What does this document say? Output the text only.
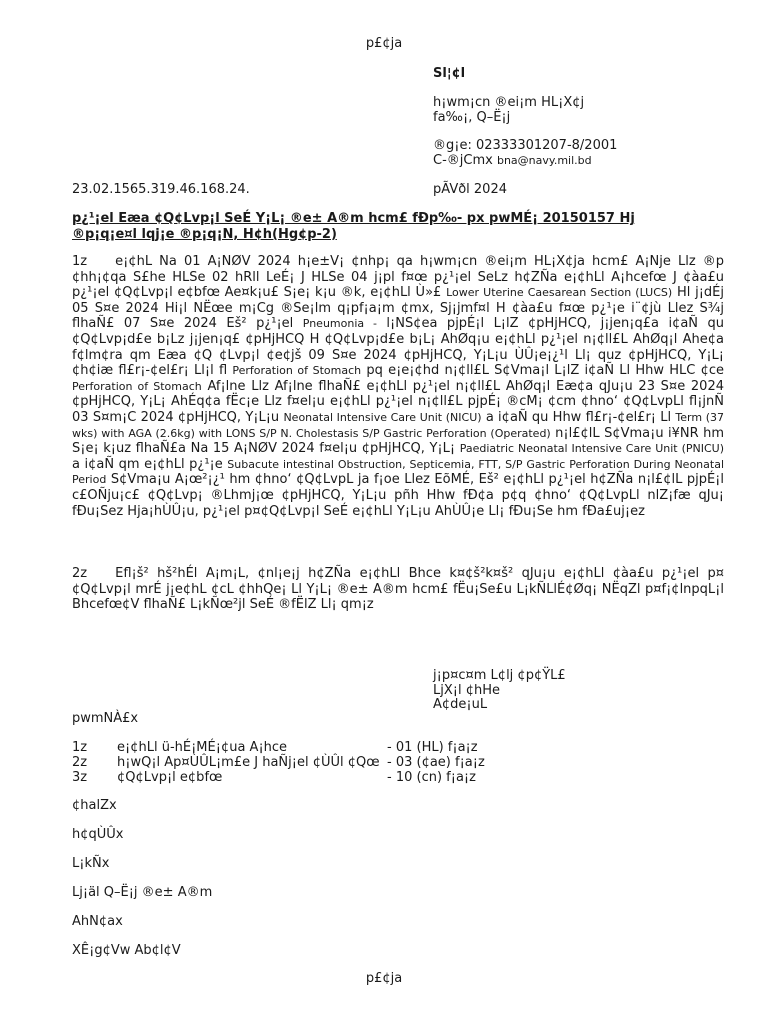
p£¢ja
Sl¦¢l
h¡wm¡cn ®ei¡m HL¡X¢j
fa‰¡, Q–Ë¡j
®g¡e: 02333301207-8/2001
C-®jCmx bna@navy.mil.bd
23.02.1565.319.46.168.24.	pÃVðl 2024
p¿¹¡el Eæa ¢Q¢Lvp¡l SeÉ Y¡L¡ ®e± A®m hcm£ fÐp‰- px pwMÉ¡ 20150157 Hj
®p¡q¡e¤l lqj¡e ®p¡q¡N, H¢h(Hg¢p-2)
1z e¡¢hL Na 01 A¡NØV 2024 h¡e±V¡ ¢nhp¡ qa h¡wm¡cn ®ei¡m HL¡X¢ja hcm£ A¡Nje Llz ®p ¢hh¡¢qa S£he HLSe 02 hRll LeÉ¡ J HLSe 04 j¡pl f¤œ p¿¹¡el SeLz h¢ZÑa e¡¢hLl A¡hcefœ J ¢àa£u p¿¹¡el ¢Q¢Lvp¡l e¢bfœ Ae¤k¡u£ S¡e¡ k¡u ®k, e¡¢hLl Ù»£ Lower Uterine Caesarean Section (LUCS) Hl j¡dÉj 05 S¤e 2024 Hi¡l NËœe m¡Cg ®Se¡lm q¡pf¡a¡m ¢mx, Sj¡jmf¤l H ¢àa£u f¤œ p¿¹¡e i¨¢jù Llez S¾j flhaÑ£ 07 S¤e 2024 Eš² p¿¹¡el Pneumonia - l¡NS¢ea pjpÉ¡l L¡lZ ¢pHjHCQ, j¡jen¡q£a i¢aÑ qu ¢Q¢Lvp¡d£e b¡Lz j¡jen¡q£ ¢pHjHCQ H ¢Q¢Lvp¡d£e b¡L¡ AhØq¡u e¡¢hLl p¿¹¡el n¡¢ll£L AhØq¡l Ahe¢a f¢lm¢ra qm Eæa ¢Q ¢Lvp¡l ¢e¢jš 09 S¤e 2024 ¢pHjHCQ, Y¡L¡u ÙÛ¡e¡¿¹l Ll¡ quz ¢pHjHCQ, Y¡L¡ ¢h¢iæ fl£r¡-¢el£r¡ Ll¡l fl Perforation of Stomach pq e¡e¡¢hd n¡¢ll£L S¢Vma¡l L¡lZ i¢aÑ Ll Hhw HLC ¢ce Perforation of Stomach Af¡lne Llz Af¡lne flhaÑ£ e¡¢hLl p¿¹¡el n¡¢ll£L AhØq¡l Eæ¢a qJu¡u 23 S¤e 2024 ¢pHjHCQ, Y¡L¡ AhÉq¢a fËc¡e Llz f¤el¡u e¡¢hLl p¿¹¡el n¡¢ll£L pjpÉ¡ ®cM¡ ¢cm ¢hno‘ ¢Q¢LvpLl fl¡jnÑ 03 S¤m¡C 2024 ¢pHjHCQ, Y¡L¡u Neonatal Intensive Care Unit (NICU) a i¢aÑ qu Hhw fl£r¡-¢el£r¡ Ll Term (37 wks) with AGA (2.6kg) with LONS S/P N. Cholestasis S/P Gastric Perforation (Operated) n¡l£¢lL S¢Vma¡u i¥NR hm S¡e¡ k¡uz flhaÑ£a Na 15 A¡NØV 2024 f¤el¡u ¢pHjHCQ, Y¡L¡ Paediatric Neonatal Intensive Care Unit (PNICU) a i¢aÑ qm e¡¢hLl p¿¹¡e Subacute intestinal Obstruction, Septicemia, FTT, S/P Gastric Perforation During Neonatal Period S¢Vma¡u A¡œ²¡¿¹ hm ¢hno‘ ¢Q¢LvpL ja f¡oe Llez EõMÉ, Eš² e¡¢hLl p¿¹¡el h¢ZÑa n¡l£¢lL pjpÉ¡l c£OÑju¡c£ ¢Q¢Lvp¡ ®Lhmj¡œ ¢pHjHCQ, Y¡L¡u pñh Hhw fÐ¢a p¢q ¢hno‘ ¢Q¢LvpLl nlZ¡fæ qJu¡ fÐu¡Sez Hja¡hÙÛ¡u, p¿¹¡el p¤¢Q¢Lvp¡l SeÉ e¡¢hLl Y¡L¡u AhÙÛ¡e Ll¡ fÐu¡Se hm fÐa£uj¡ez
2z Efl¡š² hš²hÉl A¡m¡L, ¢nl¡e¡j h¢ZÑa e¡¢hLl Bhce k¤¢š²k¤š² qJu¡u e¡¢hLl ¢àa£u p¿¹¡el p¤¢Q¢Lvp¡l mrÉ j¡e¢hL ¢cL ¢hhQe¡ Ll Y¡L¡ ®e± A®m hcm£ fËu¡Se£u L¡kÑLlÉ¢Øq¡ NËqZl p¤f¡¢lnpqL¡l Bhcefœ¢V flhaÑ£ L¡kÑœ²jl SeÉ ®fËlZ Ll¡ qm¡z
j¡p¤c¤m L¢lj ¢p¢ŸL£
LjX¡l ¢hHe
A¢de¡uL
pwmNÀ£x
1z	e¡¢hLl ü-hÉ¡MÉ¡¢ua A¡hce	- 01 (HL) f¡a¡z
2z	h¡wQ¡l Ap¤ÙÛL¡m£e J haÑj¡el ¢ÙÛl ¢Qœ - 03 (¢ae) f¡a¡z
3z	¢Q¢Lvp¡l e¢bfœ	- 10 (cn) f¡a¡z
¢halZx
h¢qÙÛx
L¡kÑx
Lj¡äl Q–Ë¡j ®e± A®m
AhN¢ax
XÊ¡g¢Vw Ab¢l¢V
p£¢ja
